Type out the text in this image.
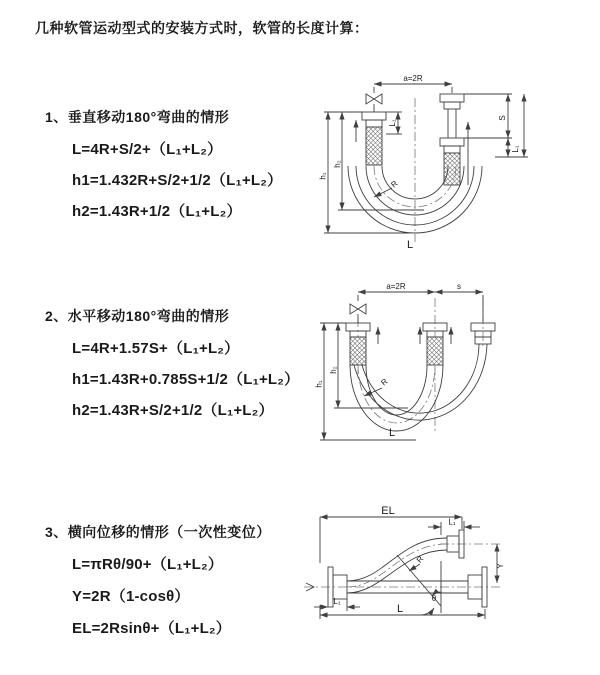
几种软管运动型式的安装方式时，软管的长度计算：
1、垂直移动180°弯曲的情形
L=4R+S/2+（L₁+L₂）
h1=1.432R+S/2+1/2（L₁+L₂）
h2=1.43R+1/2（L₁+L₂）
2、水平移动180°弯曲的情形
L=4R+1.57S+（L₁+L₂）
h1=1.43R+0.785S+1/2（L₁+L₂）
h2=1.43R+S/2+1/2（L₁+L₂）
3、横向位移的情形（一次性变位）
L=πRθ/90+（L₁+L₂）
Y=2R（1-cosθ）
EL=2Rsinθ+（L₁+L₂）
a=2R
L₁
S
L₁
h₂
h₁
R
L
a=2R	s
h₂
h₁	R
L
EL
L₁
Y
R
θ
L
L₁
